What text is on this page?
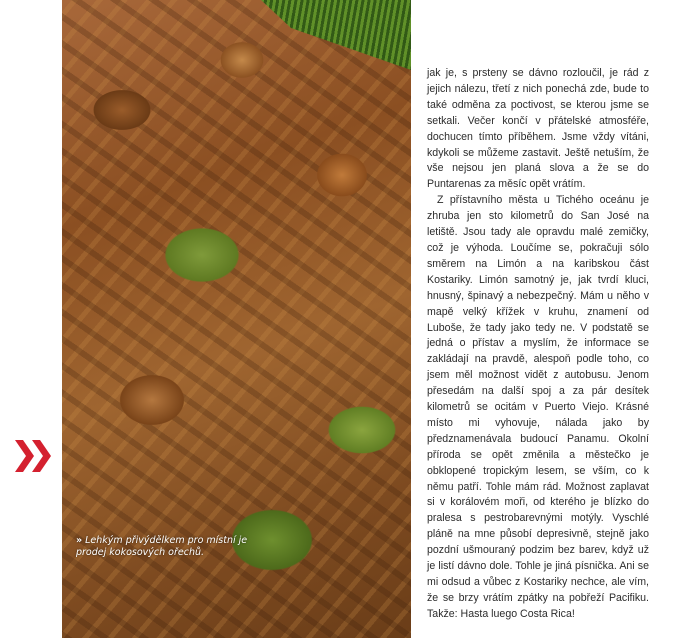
» Lehkým přivýdělkem pro místní je prodej kokosových ořechů.

jak je, s prsteny se dávno rozloučil, je rád z jejich nálezu, třetí z nich ponechá zde, bude to také odměna za poctivost, se kterou jsme se setkali. Večer končí v přátelské atmosféře, dochucen tímto příběhem. Jsme vždy vítáni, kdykoli se můžeme zastavit. Ještě netuším, že vše nejsou jen planá slova a že se do Puntarenas za měsíc opět vrátím.

Z přístavního města u Tichého oceánu je zhruba jen sto kilometrů do San José na letiště. Jsou tady ale opravdu malé zemičky, což je výhoda. Loučíme se, pokračuji sólo směrem na Limón a na karibskou část Kostariky. Limón samotný je, jak tvrdí kluci, hnusný, špinavý a nebezpečný. Mám u něho v mapě velký křížek v kruhu, znamení od Luboše, že tady jako tedy ne. V podstatě se jedná o přístav a myslím, že informace se zakládají na pravdě, alespoň podle toho, co jsem měl možnost vidět z autobusu. Jenom přesedám na další spoj a za pár desítek kilometrů se ocitám v Puerto Viejo. Krásné místo mi vyhovuje, nálada jako by předznamenávala budoucí Panamu. Okolní příroda se opět změnila a městečko je obklopené tropickým lesem, se vším, co k němu patří. Tohle mám rád. Možnost zaplavat si v korálovém moři, od kterého je blízko do pralesa s pestrobarevnými motýly. Vyschlé pláně na mne působí depresivně, stejně jako pozdní ušmouraný podzim bez barev, když už je listí dávno dole. Tohle je jiná písnička. Ani se mi odsud a vůbec z Kostariky nechce, ale vím, že se brzy vrátím zpátky na pobřeží Pacifiku. Takže: Hasta luego Costa Rica!
